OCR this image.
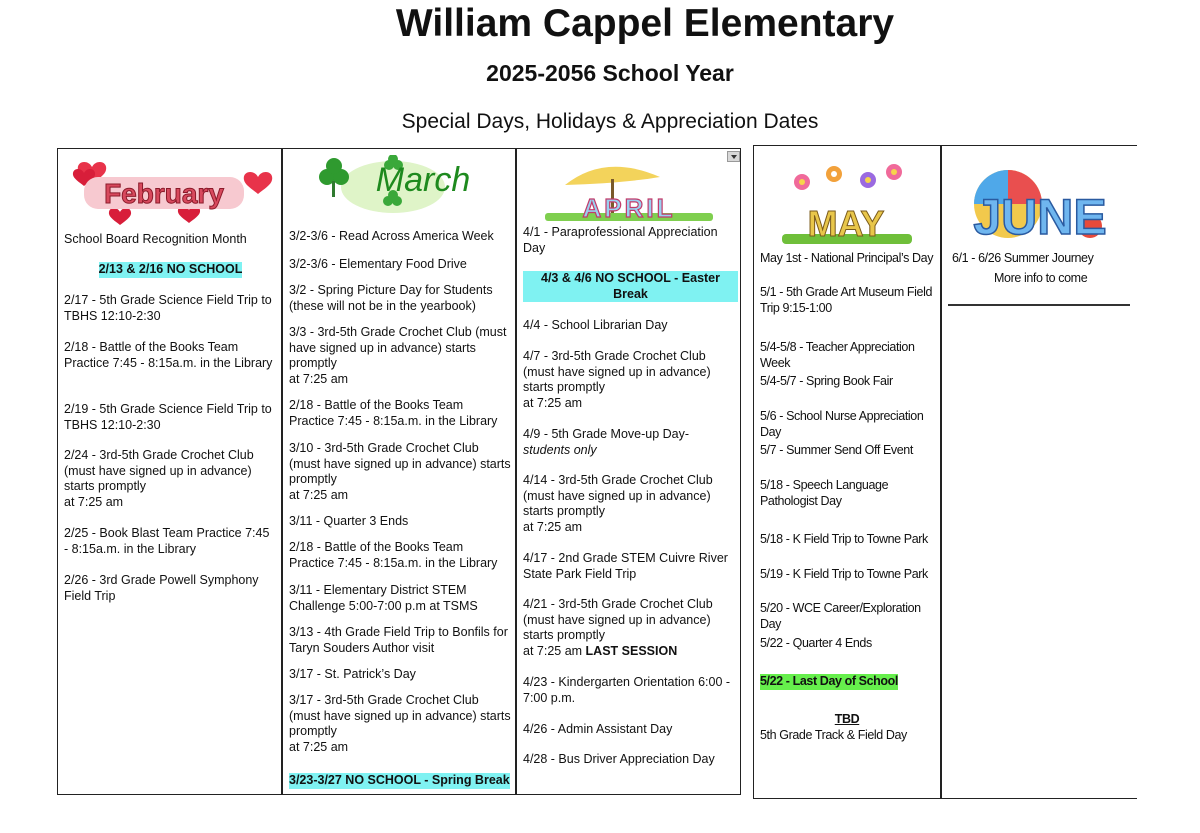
William Cappel Elementary
2025-2056 School Year
Special Days, Holidays & Appreciation Dates
February
School Board Recognition Month
2/13 & 2/16 NO SCHOOL
2/17 - 5th Grade Science Field Trip to TBHS 12:10-2:30
2/18 - Battle of the Books Team Practice 7:45 - 8:15a.m. in the Library
2/19 - 5th Grade Science Field Trip to TBHS 12:10-2:30
2/24 - 3rd-5th Grade Crochet Club (must have signed up in advance) starts promptly
at 7:25 am
2/25 - Book Blast Team Practice 7:45 - 8:15a.m. in the Library
2/26 - 3rd Grade Powell Symphony Field Trip
March
3/2-3/6 - Read Across America Week
3/2-3/6 - Elementary Food Drive
3/2 - Spring Picture Day for Students (these will not be in the yearbook)
3/3 - 3rd-5th Grade Crochet Club (must have signed up in advance) starts promptly
at 7:25 am
2/18 - Battle of the Books Team Practice 7:45 - 8:15a.m. in the Library
3/10 - 3rd-5th Grade Crochet Club (must have signed up in advance) starts promptly
at 7:25 am
3/11 - Quarter 3 Ends
2/18 - Battle of the Books Team Practice 7:45 - 8:15a.m. in the Library
3/11 - Elementary District STEM Challenge 5:00-7:00 p.m at TSMS
3/13 - 4th Grade Field Trip to Bonfils for Taryn Souders Author visit
3/17 - St. Patrick’s Day
3/17 - 3rd-5th Grade Crochet Club (must have signed up in advance) starts promptly
at 7:25 am
3/23-3/27 NO SCHOOL - Spring Break
APRIL
4/1 - Paraprofessional Appreciation Day
4/3 & 4/6 NO SCHOOL - Easter Break
4/4 - School Librarian Day
4/7 - 3rd-5th Grade Crochet Club (must have signed up in advance) starts promptly
at 7:25 am
4/9 - 5th Grade Move-up Day-
students only
4/14 - 3rd-5th Grade Crochet Club (must have signed up in advance) starts promptly
at 7:25 am
4/17 - 2nd Grade STEM Cuivre River State Park Field Trip
4/21 - 3rd-5th Grade Crochet Club (must have signed up in advance) starts promptly
at 7:25 am LAST SESSION
4/23 - Kindergarten Orientation 6:00 - 7:00 p.m.
4/26 - Admin Assistant Day
4/28 - Bus Driver Appreciation Day
MAY
May 1st - National Principal’s Day
5/1 - 5th Grade Art Museum Field Trip 9:15-1:00
5/4-5/8 - Teacher Appreciation Week
5/4-5/7 - Spring Book Fair
5/6 - School Nurse Appreciation Day
5/7 - Summer Send Off Event
5/18 - Speech Language Pathologist Day
5/18 - K Field Trip to Towne Park
5/19 - K Field Trip to Towne Park
5/20 - WCE Career/Exploration Day
5/22 - Quarter 4 Ends
5/22 - Last Day of School
TBD
5th Grade Track & Field Day
JUNE
6/1 - 6/26 Summer Journey
More info to come
